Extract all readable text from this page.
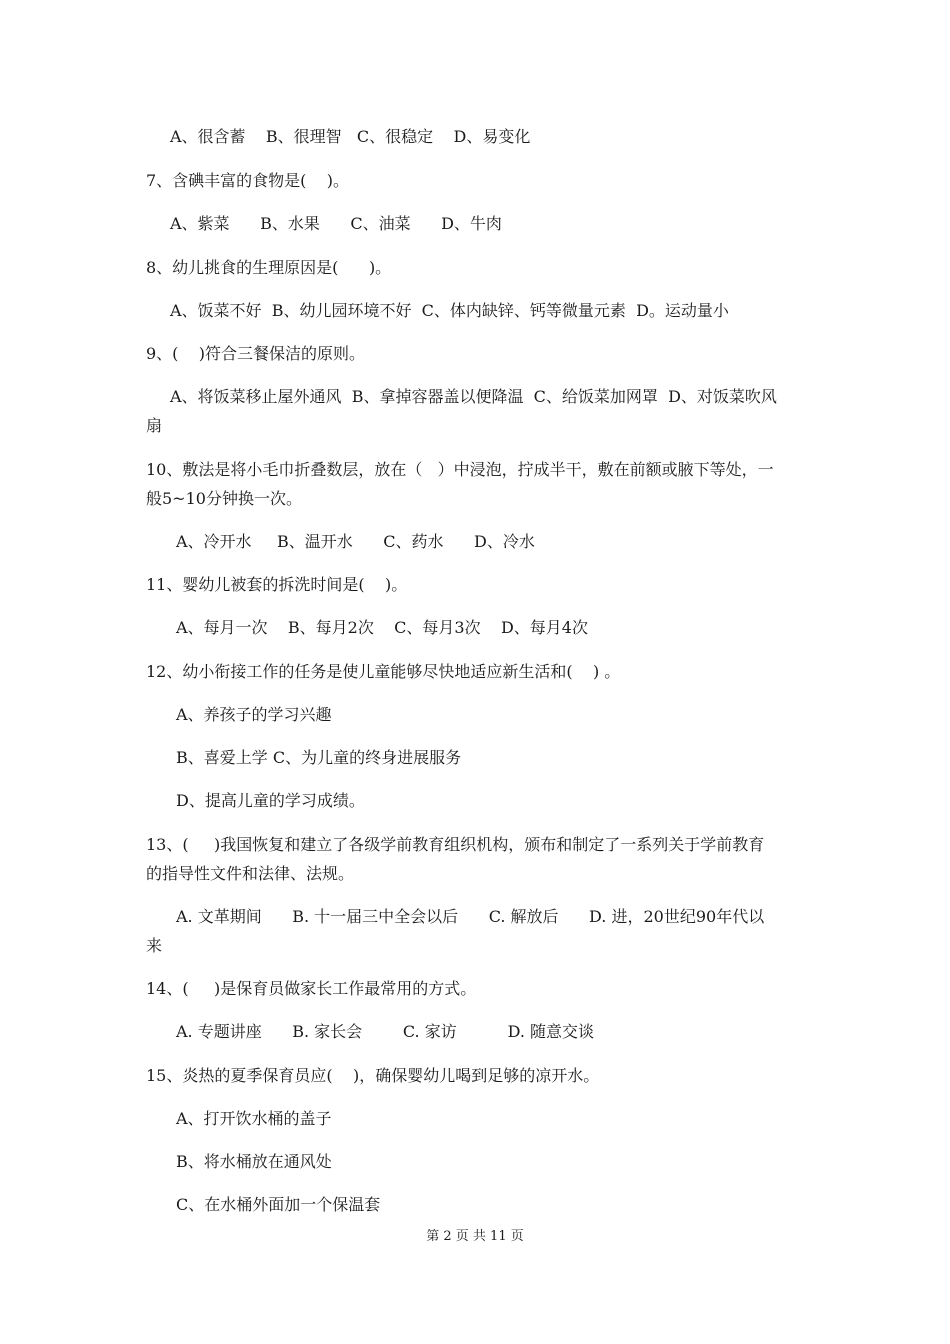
A、很含蓄    B、很理智   C、很稳定    D、易变化

7、含碘丰富的食物是(    )。

A、紫菜      B、水果      C、油菜      D、牛肉

8、幼儿挑食的生理原因是(      )。

A、饭菜不好  B、幼儿园环境不好  C、体内缺锌、钙等微量元素  D。运动量小

9、(    )符合三餐保洁的原则。

A、将饭菜移止屋外通风  B、拿掉容器盖以便降温  C、给饭菜加网罩  D、对饭菜吹风

扇

10、敷法是将小毛巾折叠数层，放在（   ）中浸泡，拧成半干，敷在前额或腋下等处，一

般5~10分钟换一次。

A、冷开水     B、温开水      C、药水      D、冷水

11、婴幼儿被套的拆洗时间是(    )。

A、每月一次    B、每月2次    C、每月3次    D、每月4次

12、幼小衔接工作的任务是使儿童能够尽快地适应新生活和(    ) 。

A、养孩子的学习兴趣

B、喜爱上学 C、为儿童的终身进展服务

D、提高儿童的学习成绩。

13、(     )我国恢复和建立了各级学前教育组织机构，颁布和制定了一系列关于学前教育

的指导性文件和法律、法规。

A. 文革期间      B. 十一届三中全会以后      C. 解放后      D. 进，20世纪90年代以

来

14、(     )是保育员做家长工作最常用的方式。

A. 专题讲座      B. 家长会        C. 家访          D. 随意交谈

15、炎热的夏季保育员应(    )，确保婴幼儿喝到足够的凉开水。

A、打开饮水桶的盖子

B、将水桶放在通风处

C、在水桶外面加一个保温套

第 2 页 共 11 页
